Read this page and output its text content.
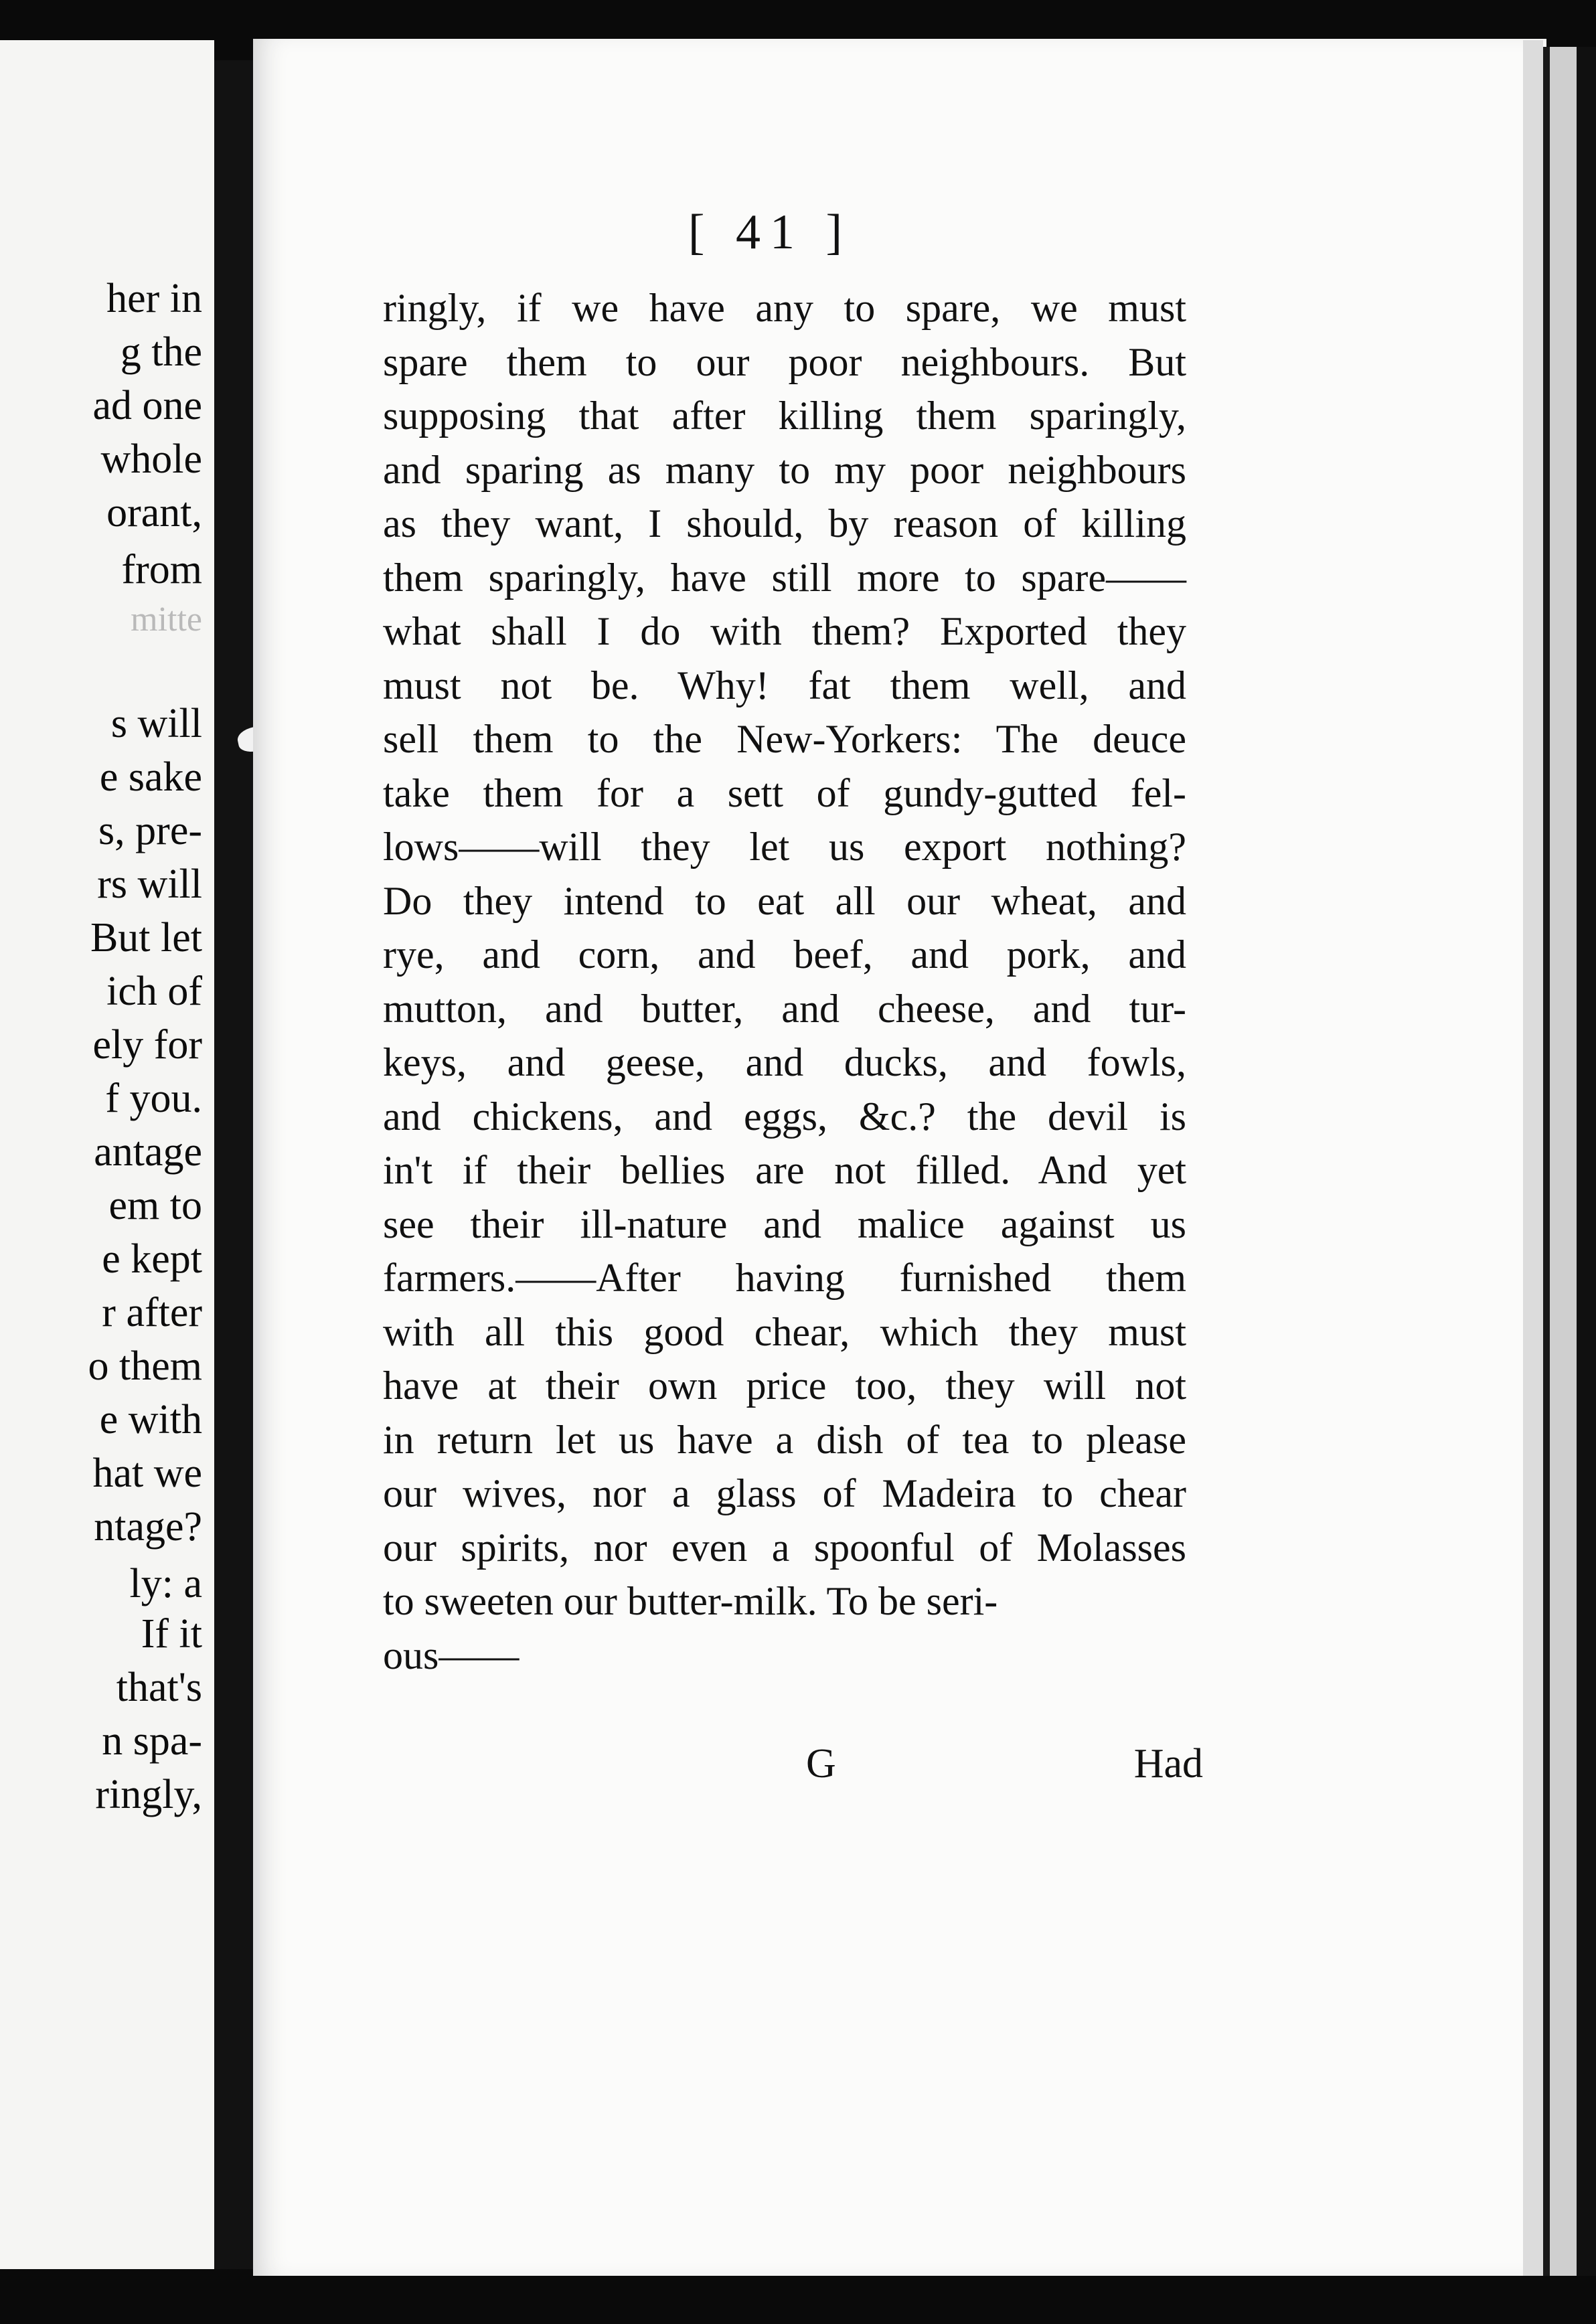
her in
g the
ad one
whole
orant,
from
mitte
s will
e sake
s, pre-
rs will
But let
ich of
ely for
f you.
antage
em to
e kept
r after
o them
e with
hat we
ntage?
ly: a
If it
that's
n spa-
ringly,
[ 41 ]
ringly, if we have any to spare, we must
spare them to our poor neighbours. But
supposing that after killing them sparingly,
and sparing as many to my poor neighbours
as they want, I should, by reason of killing
them sparingly, have still more to spare——
what shall I do with them? Exported they
must not be. Why! fat them well, and
sell them to the New-Yorkers: The deuce
take them for a sett of gundy-gutted fel-
lows——will they let us export nothing?
Do they intend to eat all our wheat, and
rye, and corn, and beef, and pork, and
mutton, and butter, and cheese, and tur-
keys, and geese, and ducks, and fowls,
and chickens, and eggs, &c.? the devil is
in't if their bellies are not filled. And yet
see their ill-nature and malice against us
farmers.——After having furnished them
with all this good chear, which they must
have at their own price too, they will not
in return let us have a dish of tea to please
our wives, nor a glass of Madeira to chear
our spirits, nor even a spoonful of Molasses
to sweeten our butter-milk. To be seri-
ous——
G	Had
